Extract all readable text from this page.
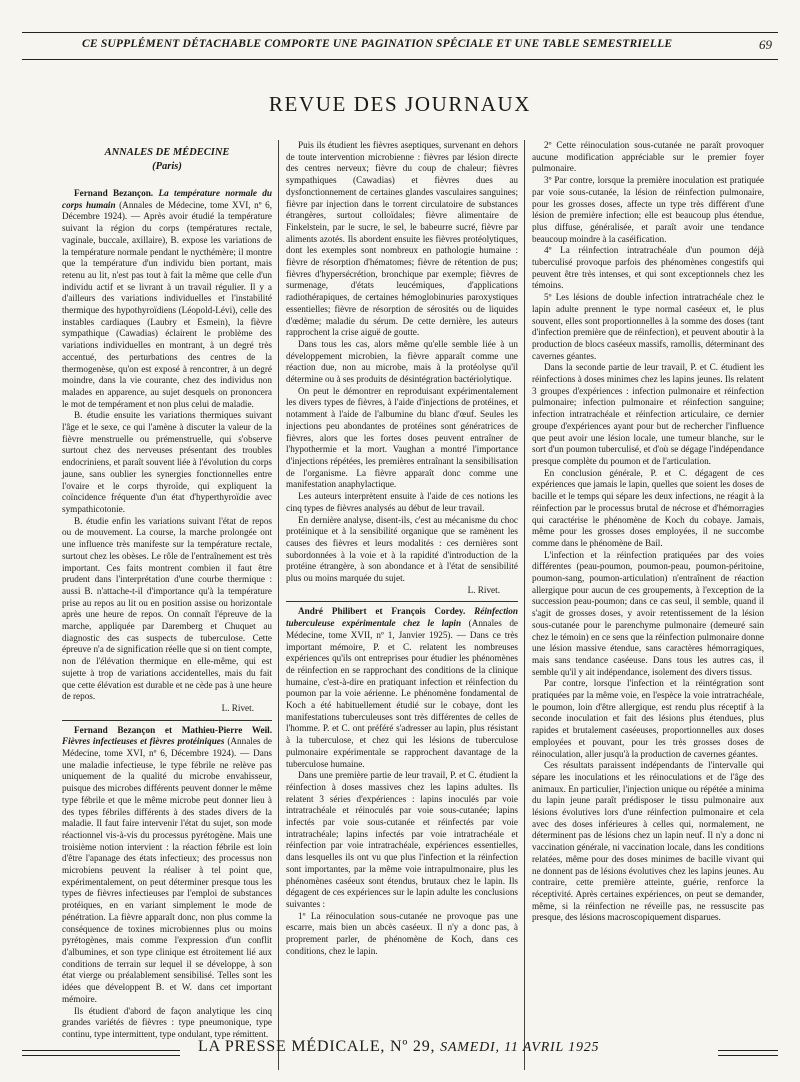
CE SUPPLÉMENT DÉTACHABLE COMPORTE UNE PAGINATION SPÉCIALE ET UNE TABLE SEMESTRIELLE	69
REVUE DES JOURNAUX
ANNALES DE MÉDECINE
(Paris)

Fernand Bezançon. La température normale du corps humain (Annales de Médecine, tome XVI, nº 6, Décembre 1924). — Après avoir étudié la température suivant la région du corps (températures rectale, vaginale, buccale, axillaire), B. expose les variations de la température normale pendant le nycthémère; il montre que la température d'un individu bien portant, mais retenu au lit, n'est pas tout à fait la même que celle d'un individu actif et se livrant à un travail régulier. Il y a d'ailleurs des variations individuelles et l'instabilité thermique des hypothyroïdiens (Léopold-Lévi), celle des instables cardiaques (Laubry et Esmein), la fièvre sympathique (Cawadias) éclairent le problème des variations individuelles en montrant, à un degré très accentué, des perturbations des centres de la thermogenèse, qu'on est exposé à rencontrer, à un degré moindre, dans la vie courante, chez des individus non malades en apparence, au sujet desquels on prononcera le mot de tempérament et non plus celui de maladie.

B. étudie ensuite les variations thermiques suivant l'âge et le sexe, ce qui l'amène à discuter la valeur de la fièvre menstruelle ou prémenstruelle, qui s'observe surtout chez des nerveuses présentant des troubles endocriniens, et paraît souvent liée à l'évolution du corps jaune, sans oublier les synergies fonctionnelles entre l'ovaire et le corps thyroïde, qui expliquent la coïncidence fréquente d'un état d'hyperthyroïdie avec sympathicotonie.

B. étudie enfin les variations suivant l'état de repos ou de mouvement. La course, la marche prolongée ont une influence très manifeste sur la température rectale, surtout chez les obèses. Le rôle de l'entraînement est très important. Ces faits montrent combien il faut être prudent dans l'interprétation d'une courbe thermique : aussi B. n'attache-t-il d'importance qu'à la température prise au repos au lit ou en position assise ou horizontale après une heure de repos. On connaît l'épreuve de la marche, appliquée par Daremberg et Chuquet au diagnostic des cas suspects de tuberculose. Cette épreuve n'a de signification réelle que si on tient compte, non de l'élévation thermique en elle-même, qui est sujette à trop de variations accidentelles, mais du fait que cette élévation est durable et ne cède pas à une heure de repos.

L. Rivet.

Fernand Bezançon et Mathieu-Pierre Weil. Fièvres infectieuses et fièvres protéiniques (Annales de Médecine, tome XVI, nº 6, Décembre 1924). — Dans une maladie infectieuse, le type fébrile ne relève pas uniquement de la qualité du microbe envahisseur, puisque des microbes différents peuvent donner le même type fébrile et que le même microbe peut donner lieu à des types fébriles différents à des stades divers de la maladie. Il faut faire intervenir l'état du sujet, son mode réactionnel vis-à-vis du processus pyrétogène. Mais une troisième notion intervient : la réaction fébrile est loin d'être l'apanage des états infectieux; des processus non microbiens peuvent la réaliser à tel point que, expérimentalement, on peut déterminer presque tous les types de fièvres infectieuses par l'emploi de substances protéiques, en en variant simplement le mode de pénétration. La fièvre apparaît donc, non plus comme la conséquence de toxines microbiennes plus ou moins pyrétogènes, mais comme l'expression d'un conflit d'albumines, et son type clinique est étroitement lié aux conditions de terrain sur lequel il se développe, à son état vierge ou préalablement sensibilisé. Telles sont les idées que développent B. et W. dans cet important mémoire.

Ils étudient d'abord de façon analytique les cinq grandes variétés de fièvres : type pneumonique, type continu, type intermittent, type ondulant, type rémittent.

Puis ils étudient les fièvres aseptiques, survenant en dehors de toute intervention microbienne : fièvres par lésion directe des centres nerveux; fièvre du coup de chaleur; fièvres sympathiques (Cawadias) et fièvres dues au dysfonctionnement de certaines glandes vasculaires sanguines; fièvre par injection dans le torrent circulatoire de substances étrangères, surtout colloïdales; fièvre alimentaire de Finkelstein, par le sucre, le sel, le babeurre sucré, fièvre par aliments azotés. Ils abordent ensuite les fièvres protéolytiques, dont les exemples sont nombreux en pathologie humaine : fièvre de résorption d'hématomes; fièvre de rétention de pus; fièvres d'hypersécrétion, bronchique par exemple; fièvres de surmenage, d'états leucémiques, d'applications radiothérapiques, de certaines hémoglobinuries paroxystiques essentielles; fièvre de résorption de sérosités ou de liquides d'œdème; maladie du sérum. De cette dernière, les auteurs rapprochent la crise aiguë de goutte.

Dans tous les cas, alors même qu'elle semble liée à un développement microbien, la fièvre apparaît comme une réaction due, non au microbe, mais à la protéolyse qu'il détermine ou à ses produits de désintégration bactériolytique.

On peut le démontrer en reproduisant expérimentalement les divers types de fièvres, à l'aide d'injections de protéines, et notamment à l'aide de l'albumine du blanc d'œuf. Seules les injections peu abondantes de protéines sont génératrices de fièvres, alors que les fortes doses peuvent entraîner de l'hypothermie et la mort. Vaughan a montré l'importance d'injections répétées, les premières entraînant la sensibilisation de l'organisme. La fièvre apparaît donc comme une manifestation anaphylactique.

Les auteurs interprètent ensuite à l'aide de ces notions les cinq types de fièvres analysés au début de leur travail.

En dernière analyse, disent-ils, c'est au mécanisme du choc protéinique et à la sensibilité organique que se ramènent les causes des fièvres et leurs modalités : ces dernières sont subordonnées à la voie et à la rapidité d'introduction de la protéine étrangère, à son abondance et à l'état de sensibilité plus ou moins marquée du sujet.

L. Rivet.

André Philibert et François Cordey. Réinfection tuberculeuse expérimentale chez le lapin (Annales de Médecine, tome XVII, nº 1, Janvier 1925). — Dans ce très important mémoire, P. et C. relatent les nombreuses expériences qu'ils ont entreprises pour étudier les phénomènes de réinfection en se rapprochant des conditions de la clinique humaine, c'est-à-dire en pratiquant infection et réinfection du poumon par la voie aérienne. Le phénomène fondamental de Koch a été habituellement étudié sur le cobaye, dont les manifestations tuberculeuses sont très différentes de celles de l'homme. P. et C. ont préféré s'adresser au lapin, plus résistant à la tuberculose, et chez qui les lésions de tuberculose pulmonaire expérimentale se rapprochent davantage de la tuberculose humaine.

Dans une première partie de leur travail, P. et C. étudient la réinfection à doses massives chez les lapins adultes. Ils relatent 3 séries d'expériences : lapins inoculés par voie intratrachéale et réinoculés par voie sous-cutanée; lapins infectés par voie sous-cutanée et réinfectés par voie intratrachéale; lapins infectés par voie intratrachéale et réinfection par voie intratrachéale, expériences essentielles, dans lesquelles ils ont vu que plus l'infection et la réinfection sont importantes, par la même voie intrapulmonaire, plus les phénomènes caséeux sont étendus, brutaux chez le lapin. Ils dégagent de ces expériences sur le lapin adulte les conclusions suivantes :

1º La réinoculation sous-cutanée ne provoque pas une escarre, mais bien un abcès caséeux. Il n'y a donc pas, à proprement parler, de phénomène de Koch, dans ces conditions, chez le lapin.

2º Cette réinoculation sous-cutanée ne paraît provoquer aucune modification appréciable sur le premier foyer pulmonaire.

3º Par contre, lorsque la première inoculation est pratiquée par voie sous-cutanée, la lésion de réinfection pulmonaire, pour les grosses doses, affecte un type très différent d'une lésion de première infection; elle est beaucoup plus étendue, plus diffuse, généralisée, et paraît avoir une tendance beaucoup moindre à la caséification.

4º La réinfection intratrachéale d'un poumon déjà tuberculisé provoque parfois des phénomènes congestifs qui peuvent être très intenses, et qui sont exceptionnels chez les témoins.

5º Les lésions de double infection intratrachéale chez le lapin adulte prennent le type normal caséeux et, le plus souvent, elles sont proportionnelles à la somme des doses (tant d'infection première que de réinfection), et peuvent aboutir à la production de blocs caséeux massifs, ramollis, déterminant des cavernes géantes.

Dans la seconde partie de leur travail, P. et C. étudient les réinfections à doses minimes chez les lapins jeunes. Ils relatent 3 groupes d'expériences : infection pulmonaire et réinfection pulmonaire; infection pulmonaire et réinfection sanguine; infection intratrachéale et réinfection articulaire, ce dernier groupe d'expériences ayant pour but de rechercher l'influence que peut avoir une lésion locale, une tumeur blanche, sur le sort d'un poumon tuberculisé, et d'où se dégage l'indépendance presque complète du poumon et de l'articulation.

En conclusion générale, P. et C. dégagent de ces expériences que jamais le lapin, quelles que soient les doses de bacille et le temps qui sépare les deux infections, ne réagit à la réinfection par le processus brutal de nécrose et d'hémorragies qui caractérise le phénomène de Koch du cobaye. Jamais, même pour les grosses doses employées, il ne succombe comme dans le phénomène de Bail.

L'infection et la réinfection pratiquées par des voies différentes (peau-poumon, poumon-peau, poumon-péritoine, poumon-sang, poumon-articulation) n'entraînent de réaction allergique pour aucun de ces groupements, à l'exception de la succession peau-poumon; dans ce cas seul, il semble, quand il s'agit de grosses doses, y avoir retentissement de la lésion sous-cutanée pour le parenchyme pulmonaire (demeuré sain chez le témoin) en ce sens que la réinfection pulmonaire donne une lésion massive étendue, sans caractères hémorragiques, mais sans tendance caséeuse. Dans tous les autres cas, il semble qu'il y ait indépendance, isolement des divers tissus.

Par contre, lorsque l'infection et la réintégration sont pratiquées par la même voie, en l'espèce la voie intratrachéale, le poumon, loin d'être allergique, est rendu plus réceptif à la seconde inoculation et fait des lésions plus étendues, plus rapides et brutalement caséeuses, proportionnelles aux doses employées et pouvant, pour les très grosses doses de réinoculation, aller jusqu'à la production de cavernes géantes.

Ces résultats paraissent indépendants de l'intervalle qui sépare les inoculations et les réinoculations et de l'âge des animaux. En particulier, l'injection unique ou répétée a minima du lapin jeune paraît prédisposer le tissu pulmonaire aux lésions évolutives lors d'une réinfection pulmonaire et cela avec des doses inférieures à celles qui, normalement, ne déterminent pas de lésions chez un lapin neuf. Il n'y a donc ni vaccination générale, ni vaccination locale, dans les conditions relatées, même pour des doses minimes de bacille vivant qui ne donnent pas de lésions évolutives chez les lapins jeunes. Au contraire, cette première atteinte, guérie, renforce la réceptivité. Après certaines expériences, on peut se demander, même, si la réinfection ne réveille pas, ne ressuscite pas presque, des lésions macroscopiquement disparues.

LA PRESSE MÉDICALE, Nº 29, SAMEDI, 11 AVRIL 1925
